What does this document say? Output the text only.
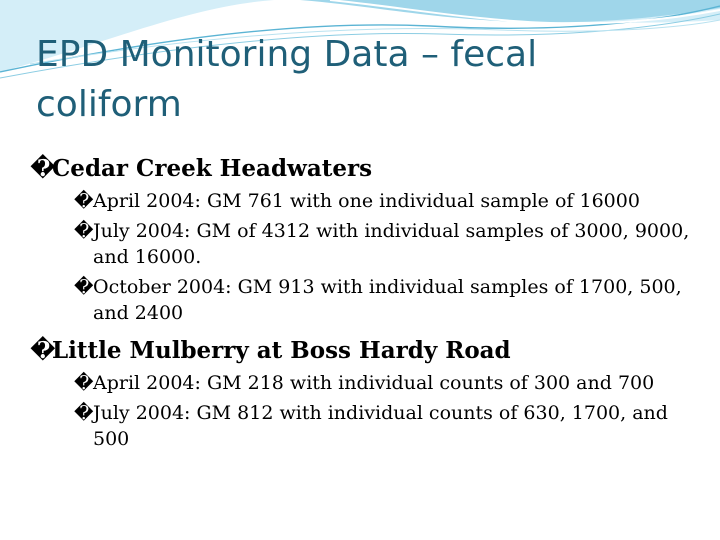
EPD Monitoring Data – fecal coliform
�
Cedar Creek Headwaters
� April 2004: GM 761 with one individual sample of 16000
� July 2004: GM of 4312 with individual samples of 3000, 9000, and 16000.
� October 2004: GM 913 with individual samples of 1700, 500, and 2400
�
Little Mulberry at Boss Hardy Road
� April 2004: GM 218 with individual counts of 300 and 700
� July 2004: GM 812 with individual counts of 630, 1700, and 500
